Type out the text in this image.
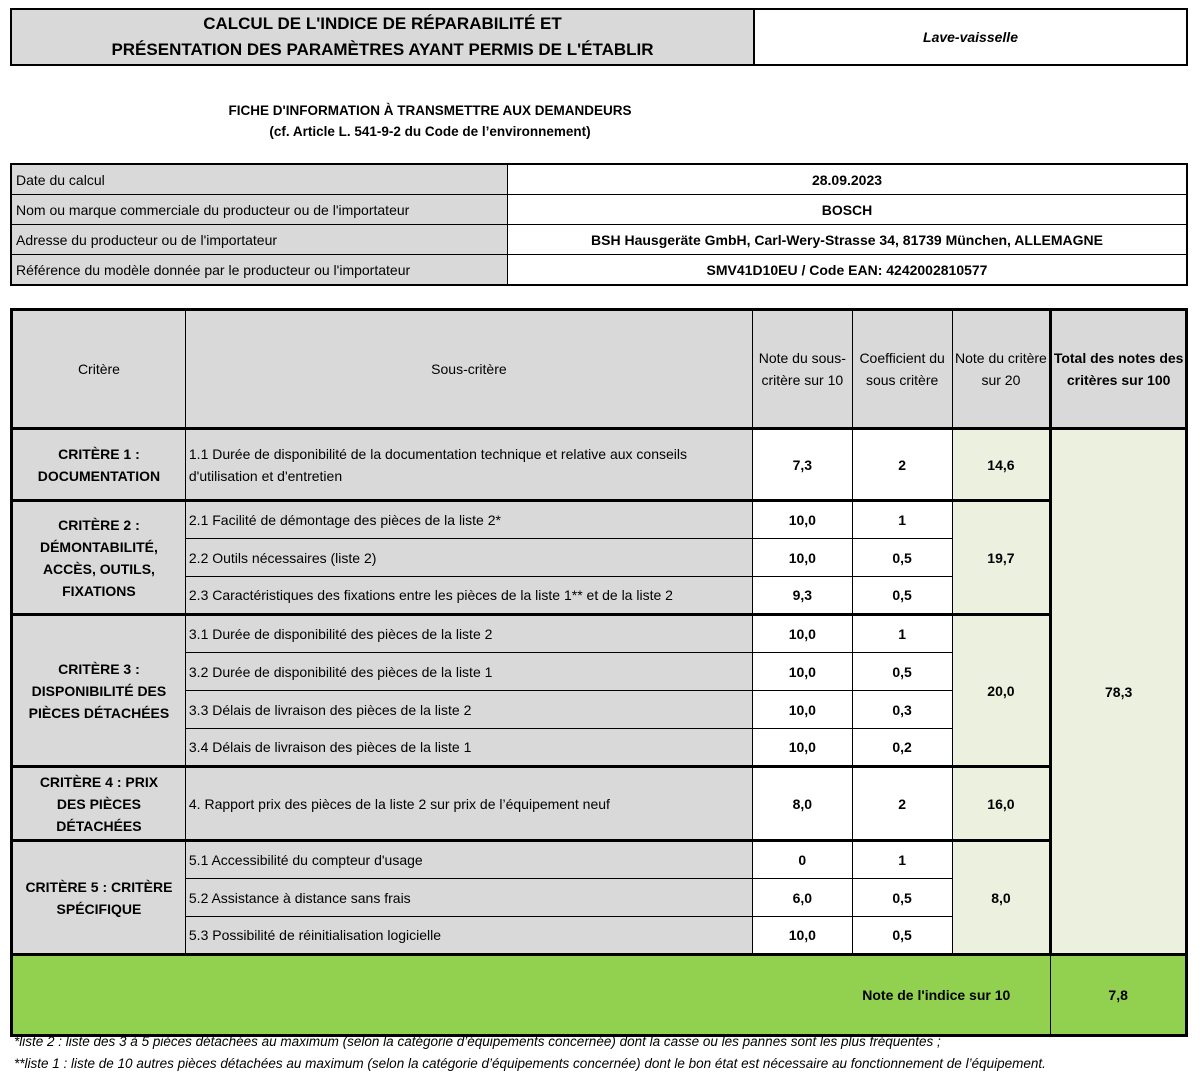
CALCUL DE L'INDICE DE RÉPARABILITÉ ET
PRÉSENTATION DES PARAMÈTRES AYANT PERMIS DE L'ÉTABLIR
Lave-vaisselle
FICHE D'INFORMATION À TRANSMETTRE AUX DEMANDEURS
(cf. Article L. 541-9-2 du Code de l’environnement)
Date du calcul	28.09.2023
Nom ou marque commerciale du producteur ou de l'importateur	BOSCH
Adresse du producteur ou de l'importateur	BSH Hausgeräte GmbH, Carl-Wery-Strasse 34, 81739 München, ALLEMAGNE
Référence du modèle donnée par le producteur ou l'importateur	SMV41D10EU / Code EAN: 4242002810577
Critère	Sous-critère	Note du sous-critère sur 10	Coefficient du sous critère	Note du critère sur 20	Total des notes des critères sur 100
CRITÈRE 1 : DOCUMENTATION	1.1 Durée de disponibilité de la documentation technique et relative aux conseils d'utilisation et d'entretien	7,3	2	14,6	78,3
CRITÈRE 2 : DÉMONTABILITÉ, ACCÈS, OUTILS, FIXATIONS	2.1 Facilité de démontage des pièces de la liste 2*	10,0	1	19,7	
	2.2 Outils nécessaires (liste 2)	10,0	0,5		
	2.3 Caractéristiques des fixations entre les pièces de la liste 1** et de la liste 2	9,3	0,5		
CRITÈRE 3 : DISPONIBILITÉ DES PIÈCES DÉTACHÉES	3.1 Durée de disponibilité des pièces de la liste 2	10,0	1	20,0	
	3.2 Durée de disponibilité des pièces de la liste 1	10,0	0,5		
	3.3 Délais de livraison des pièces de la liste 2	10,0	0,3		
	3.4 Délais de livraison des pièces de la liste 1	10,0	0,2		
CRITÈRE 4 : PRIX DES PIÈCES DÉTACHÉES	4. Rapport prix des pièces de la liste 2 sur prix de l’équipement neuf	8,0	2	16,0	
CRITÈRE 5 : CRITÈRE SPÉCIFIQUE	5.1 Accessibilité du compteur d'usage	0	1	8,0	
	5.2 Assistance à distance sans frais	6,0	0,5		
	5.3 Possibilité de réinitialisation logicielle	10,0	0,5		
Note de l'indice sur 10					7,8
*liste 2 : liste des 3 à 5 pièces détachées au maximum (selon la catégorie d’équipements concernée) dont la casse ou les pannes sont les plus fréquentes ;
**liste 1 : liste de 10 autres pièces détachées au maximum (selon la catégorie d’équipements concernée) dont le bon état est nécessaire au fonctionnement de l’équipement.
